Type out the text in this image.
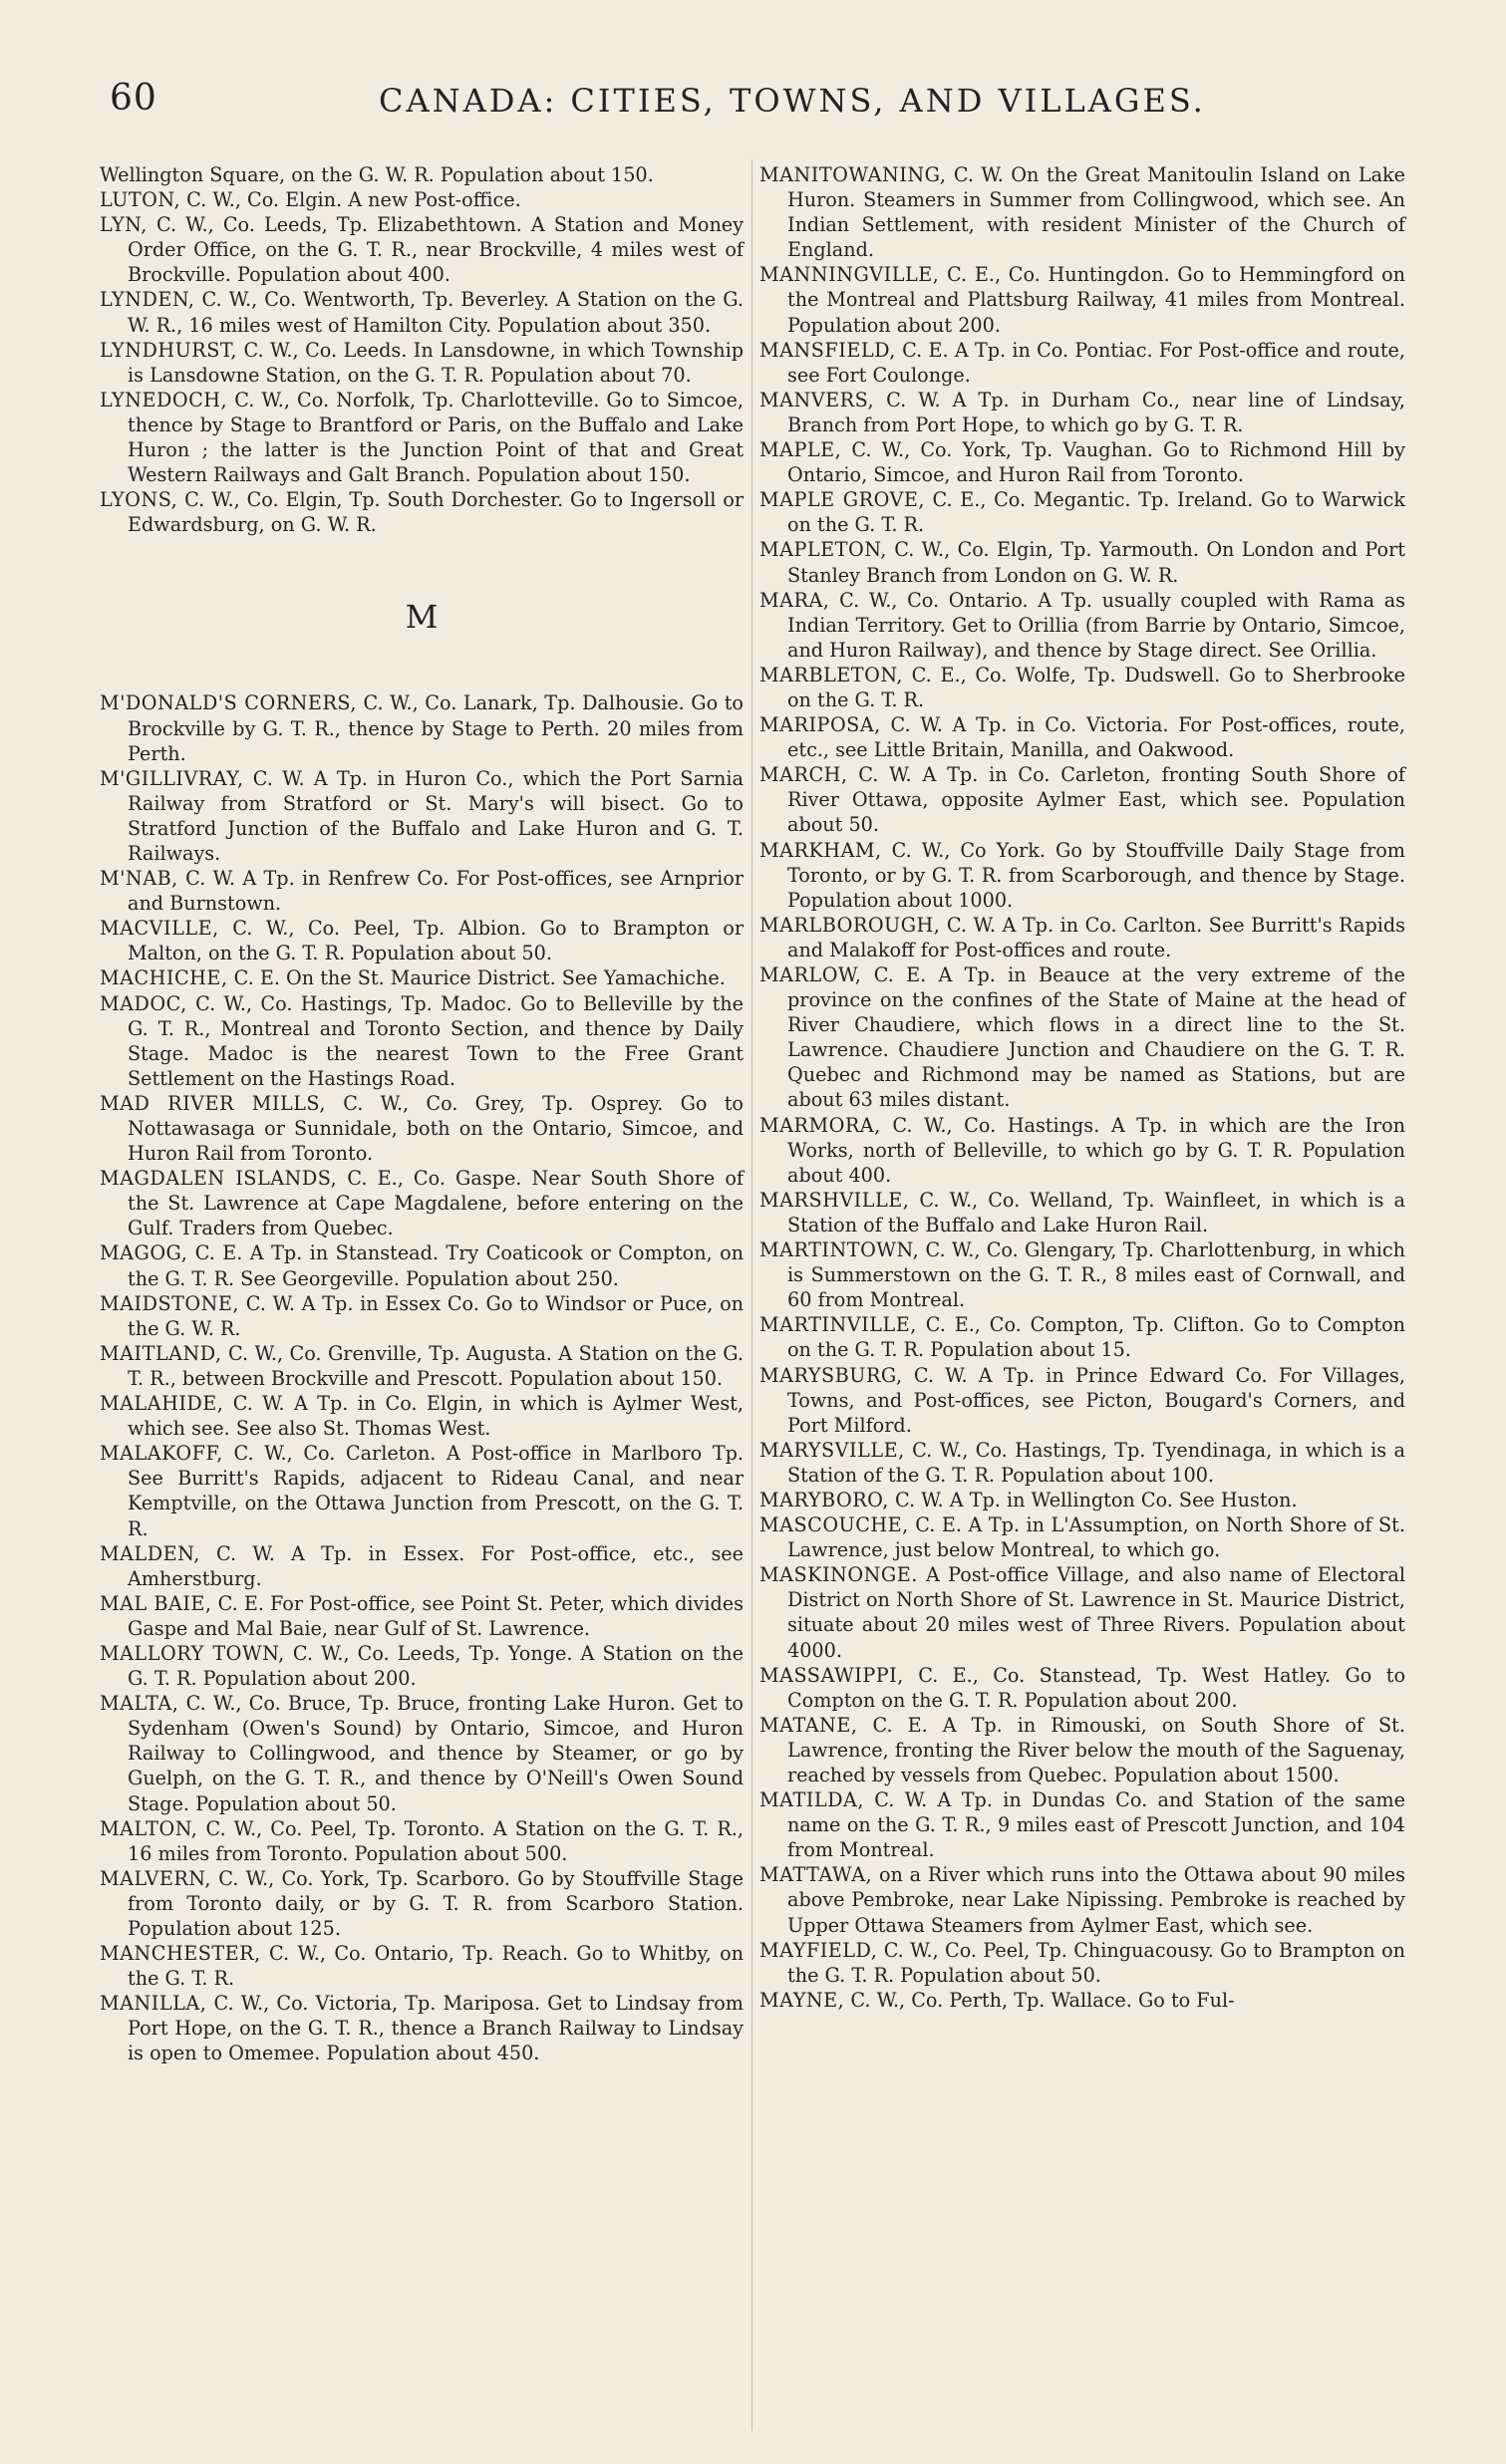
60	CANADA: CITIES, TOWNS, AND VILLAGES.

Wellington Square, on the G. W. R. Population about 150.

LUTON, C. W., Co. Elgin. A new Post-office.

LYN, C. W., Co. Leeds, Tp. Elizabethtown. A Station and Money Order Office, on the G. T. R., near Brockville, 4 miles west of Brockville. Population about 400.

LYNDEN, C. W., Co. Wentworth, Tp. Beverley. A Station on the G. W. R., 16 miles west of Hamilton City. Population about 350.

LYNDHURST, C. W., Co. Leeds. In Lansdowne, in which Township is Lansdowne Station, on the G. T. R. Population about 70.

LYNEDOCH, C. W., Co. Norfolk, Tp. Charlotteville. Go to Simcoe, thence by Stage to Brantford or Paris, on the Buffalo and Lake Huron ; the latter is the Junction Point of that and Great Western Railways and Galt Branch. Population about 150.

LYONS, C. W., Co. Elgin, Tp. South Dorchester. Go to Ingersoll or Edwardsburg, on G. W. R.

M

M'DONALD'S CORNERS, C. W., Co. Lanark, Tp. Dalhousie. Go to Brockville by G. T. R., thence by Stage to Perth. 20 miles from Perth.

M'GILLIVRAY, C. W. A Tp. in Huron Co., which the Port Sarnia Railway from Stratford or St. Mary's will bisect. Go to Stratford Junction of the Buffalo and Lake Huron and G. T. Railways.

M'NAB, C. W. A Tp. in Renfrew Co. For Post-offices, see Arnprior and Burnstown.

MACVILLE, C. W., Co. Peel, Tp. Albion. Go to Brampton or Malton, on the G. T. R. Population about 50.

MACHICHE, C. E. On the St. Maurice District. See Yamachiche.

MADOC, C. W., Co. Hastings, Tp. Madoc. Go to Belleville by the G. T. R., Montreal and Toronto Section, and thence by Daily Stage. Madoc is the nearest Town to the Free Grant Settlement on the Hastings Road.

MAD RIVER MILLS, C. W., Co. Grey, Tp. Osprey. Go to Nottawasaga or Sunnidale, both on the Ontario, Simcoe, and Huron Rail from Toronto.

MAGDALEN ISLANDS, C. E., Co. Gaspe. Near South Shore of the St. Lawrence at Cape Magdalene, before entering on the Gulf. Traders from Quebec.

MAGOG, C. E. A Tp. in Stanstead. Try Coaticook or Compton, on the G. T. R. See Georgeville. Population about 250.

MAIDSTONE, C. W. A Tp. in Essex Co. Go to Windsor or Puce, on the G. W. R.

MAITLAND, C. W., Co. Grenville, Tp. Augusta. A Station on the G. T. R., between Brockville and Prescott. Population about 150.

MALAHIDE, C. W. A Tp. in Co. Elgin, in which is Aylmer West, which see. See also St. Thomas West.

MALAKOFF, C. W., Co. Carleton. A Post-office in Marlboro Tp. See Burritt's Rapids, adjacent to Rideau Canal, and near Kemptville, on the Ottawa Junction from Prescott, on the G. T. R.

MALDEN, C. W. A Tp. in Essex. For Post-office, etc., see Amherstburg.

MAL BAIE, C. E. For Post-office, see Point St. Peter, which divides Gaspe and Mal Baie, near Gulf of St. Lawrence.

MALLORY TOWN, C. W., Co. Leeds, Tp. Yonge. A Station on the G. T. R. Population about 200.

MALTA, C. W., Co. Bruce, Tp. Bruce, fronting Lake Huron. Get to Sydenham (Owen's Sound) by Ontario, Simcoe, and Huron Railway to Collingwood, and thence by Steamer, or go by Guelph, on the G. T. R., and thence by O'Neill's Owen Sound Stage. Population about 50.

MALTON, C. W., Co. Peel, Tp. Toronto. A Station on the G. T. R., 16 miles from Toronto. Population about 500.

MALVERN, C. W., Co. York, Tp. Scarboro. Go by Stouffville Stage from Toronto daily, or by G. T. R. from Scarboro Station. Population about 125.

MANCHESTER, C. W., Co. Ontario, Tp. Reach. Go to Whitby, on the G. T. R.

MANILLA, C. W., Co. Victoria, Tp. Mariposa. Get to Lindsay from Port Hope, on the G. T. R., thence a Branch Railway to Lindsay is open to Omemee. Population about 450.

MANITOWANING, C. W. On the Great Manitoulin Island on Lake Huron. Steamers in Summer from Collingwood, which see. An Indian Settlement, with resident Minister of the Church of England.

MANNINGVILLE, C. E., Co. Huntingdon. Go to Hemmingford on the Montreal and Plattsburg Railway, 41 miles from Montreal. Population about 200.

MANSFIELD, C. E. A Tp. in Co. Pontiac. For Post-office and route, see Fort Coulonge.

MANVERS, C. W. A Tp. in Durham Co., near line of Lindsay, Branch from Port Hope, to which go by G. T. R.

MAPLE, C. W., Co. York, Tp. Vaughan. Go to Richmond Hill by Ontario, Simcoe, and Huron Rail from Toronto.

MAPLE GROVE, C. E., Co. Megantic. Tp. Ireland. Go to Warwick on the G. T. R.

MAPLETON, C. W., Co. Elgin, Tp. Yarmouth. On London and Port Stanley Branch from London on G. W. R.

MARA, C. W., Co. Ontario. A Tp. usually coupled with Rama as Indian Territory. Get to Orillia (from Barrie by Ontario, Simcoe, and Huron Railway), and thence by Stage direct. See Orillia.

MARBLETON, C. E., Co. Wolfe, Tp. Dudswell. Go to Sherbrooke on the G. T. R.

MARIPOSA, C. W. A Tp. in Co. Victoria. For Post-offices, route, etc., see Little Britain, Manilla, and Oakwood.

MARCH, C. W. A Tp. in Co. Carleton, fronting South Shore of River Ottawa, opposite Aylmer East, which see. Population about 50.

MARKHAM, C. W., Co York. Go by Stouffville Daily Stage from Toronto, or by G. T. R. from Scarborough, and thence by Stage. Population about 1000.

MARLBOROUGH, C. W. A Tp. in Co. Carlton. See Burritt's Rapids and Malakoff for Post-offices and route.

MARLOW, C. E. A Tp. in Beauce at the very extreme of the province on the confines of the State of Maine at the head of River Chaudiere, which flows in a direct line to the St. Lawrence. Chaudiere Junction and Chaudiere on the G. T. R. Quebec and Richmond may be named as Stations, but are about 63 miles distant.

MARMORA, C. W., Co. Hastings. A Tp. in which are the Iron Works, north of Belleville, to which go by G. T. R. Population about 400.

MARSHVILLE, C. W., Co. Welland, Tp. Wainfleet, in which is a Station of the Buffalo and Lake Huron Rail.

MARTINTOWN, C. W., Co. Glengary, Tp. Charlottenburg, in which is Summerstown on the G. T. R., 8 miles east of Cornwall, and 60 from Montreal.

MARTINVILLE, C. E., Co. Compton, Tp. Clifton. Go to Compton on the G. T. R. Population about 15.

MARYSBURG, C. W. A Tp. in Prince Edward Co. For Villages, Towns, and Post-offices, see Picton, Bougard's Corners, and Port Milford.

MARYSVILLE, C. W., Co. Hastings, Tp. Tyendinaga, in which is a Station of the G. T. R. Population about 100.

MARYBORO, C. W. A Tp. in Wellington Co. See Huston.

MASCOUCHE, C. E. A Tp. in L'Assumption, on North Shore of St. Lawrence, just below Montreal, to which go.

MASKINONGE. A Post-office Village, and also name of Electoral District on North Shore of St. Lawrence in St. Maurice District, situate about 20 miles west of Three Rivers. Population about 4000.

MASSAWIPPI, C. E., Co. Stanstead, Tp. West Hatley. Go to Compton on the G. T. R. Population about 200.

MATANE, C. E. A Tp. in Rimouski, on South Shore of St. Lawrence, fronting the River below the mouth of the Saguenay, reached by vessels from Quebec. Population about 1500.

MATILDA, C. W. A Tp. in Dundas Co. and Station of the same name on the G. T. R., 9 miles east of Prescott Junction, and 104 from Montreal.

MATTAWA, on a River which runs into the Ottawa about 90 miles above Pembroke, near Lake Nipissing. Pembroke is reached by Upper Ottawa Steamers from Aylmer East, which see.

MAYFIELD, C. W., Co. Peel, Tp. Chinguacousy. Go to Brampton on the G. T. R. Population about 50.

MAYNE, C. W., Co. Perth, Tp. Wallace. Go to Ful-
